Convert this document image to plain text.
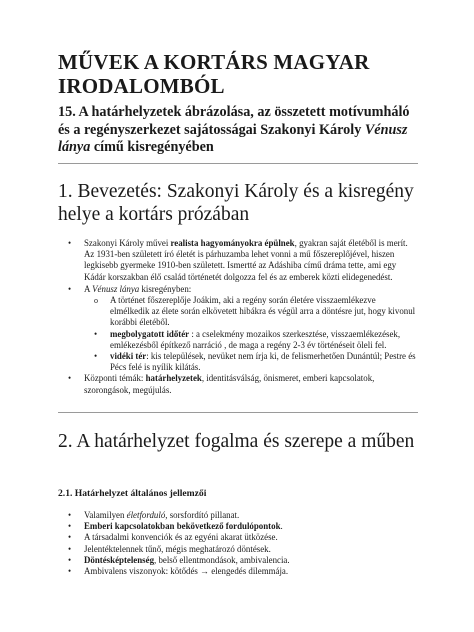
MŰVEK A KORTÁRS MAGYAR IRODALOMBÓL
15. A határhelyzetek ábrázolása, az összetett motívumháló és a regényszerkezet sajátosságai Szakonyi Károly Vénusz lánya című kisregényében
1. Bevezetés: Szakonyi Károly és a kisregény helye a kortárs prózában
• Szakonyi Károly művei realista hagyományokra épülnek, gyakran saját életéből is merít. Az 1931-ben született író életét is párhuzamba lehet vonni a mű főszereplőjével, hiszen legkisebb gyermeke 1910-ben született. Ismertté az Adáshiba című dráma tette, ami egy Kádár korszakban élő család történetét dolgozza fel és az emberek közti elidegenedést.
• A Vénusz lánya kisregényben:
o A történet főszereplője Joákim, aki a regény során életére visszaemlékezve elmélkedik az élete során elkövetett hibákra és végül arra a döntésre jut, hogy kivonul korábbi életéből.
• megbolygatott időtér : a cselekmény mozaikos szerkesztése, visszaemlékezések, emlékezésből építkező narráció , de maga a regény 2-3 év történéseit öleli fel.
• vidéki tér: kis települések, nevüket nem írja ki, de felismerhetően Dunántúl; Pestre és Pécs felé is nyílik kilátás.
• Központi témák: határhelyzetek, identitásválság, önismeret, emberi kapcsolatok, szorongások, megújulás.
2. A határhelyzet fogalma és szerepe a műben
2.1. Határhelyzet általános jellemzői
• Valamilyen életforduló, sorsfordító pillanat.
• Emberi kapcsolatokban bekövetkező fordulópontok.
• A társadalmi konvenciók és az egyéni akarat ütközése.
• Jelentéktelennek tűnő, mégis meghatározó döntések.
• Döntésképtelenség, belső ellentmondások, ambivalencia.
• Ambivalens viszonyok: kötődés → elengedés dilemmája.
